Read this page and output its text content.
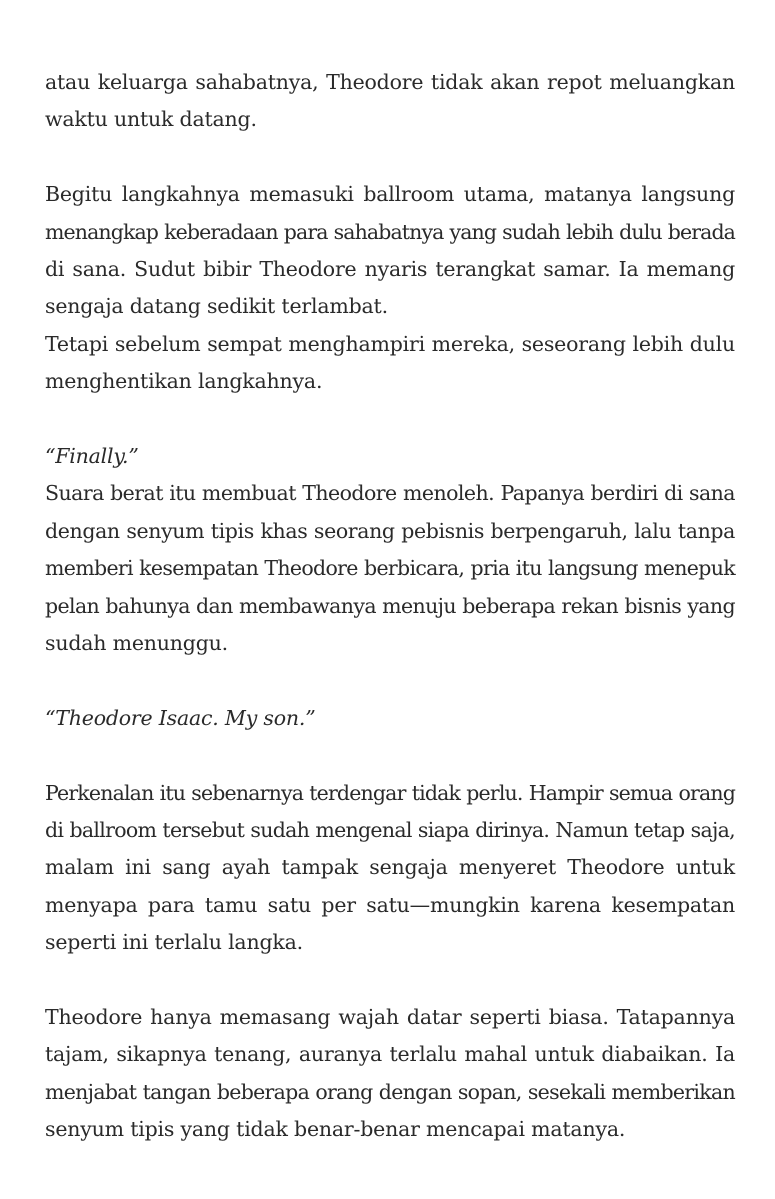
atau keluarga sahabatnya, Theodore tidak akan repot meluangkan
waktu untuk datang.

Begitu langkahnya memasuki ballroom utama, matanya langsung
menangkap keberadaan para sahabatnya yang sudah lebih dulu berada
di sana. Sudut bibir Theodore nyaris terangkat samar. Ia memang
sengaja datang sedikit terlambat.

Tetapi sebelum sempat menghampiri mereka, seseorang lebih dulu
menghentikan langkahnya.

“Finally.”

Suara berat itu membuat Theodore menoleh. Papanya berdiri di sana
dengan senyum tipis khas seorang pebisnis berpengaruh, lalu tanpa
memberi kesempatan Theodore berbicara, pria itu langsung menepuk
pelan bahunya dan membawanya menuju beberapa rekan bisnis yang
sudah menunggu.

“Theodore Isaac. My son.”

Perkenalan itu sebenarnya terdengar tidak perlu. Hampir semua orang
di ballroom tersebut sudah mengenal siapa dirinya. Namun tetap saja,
malam ini sang ayah tampak sengaja menyeret Theodore untuk
menyapa para tamu satu per satu—mungkin karena kesempatan
seperti ini terlalu langka.

Theodore hanya memasang wajah datar seperti biasa. Tatapannya
tajam, sikapnya tenang, auranya terlalu mahal untuk diabaikan. Ia
menjabat tangan beberapa orang dengan sopan, sesekali memberikan
senyum tipis yang tidak benar-benar mencapai matanya.
